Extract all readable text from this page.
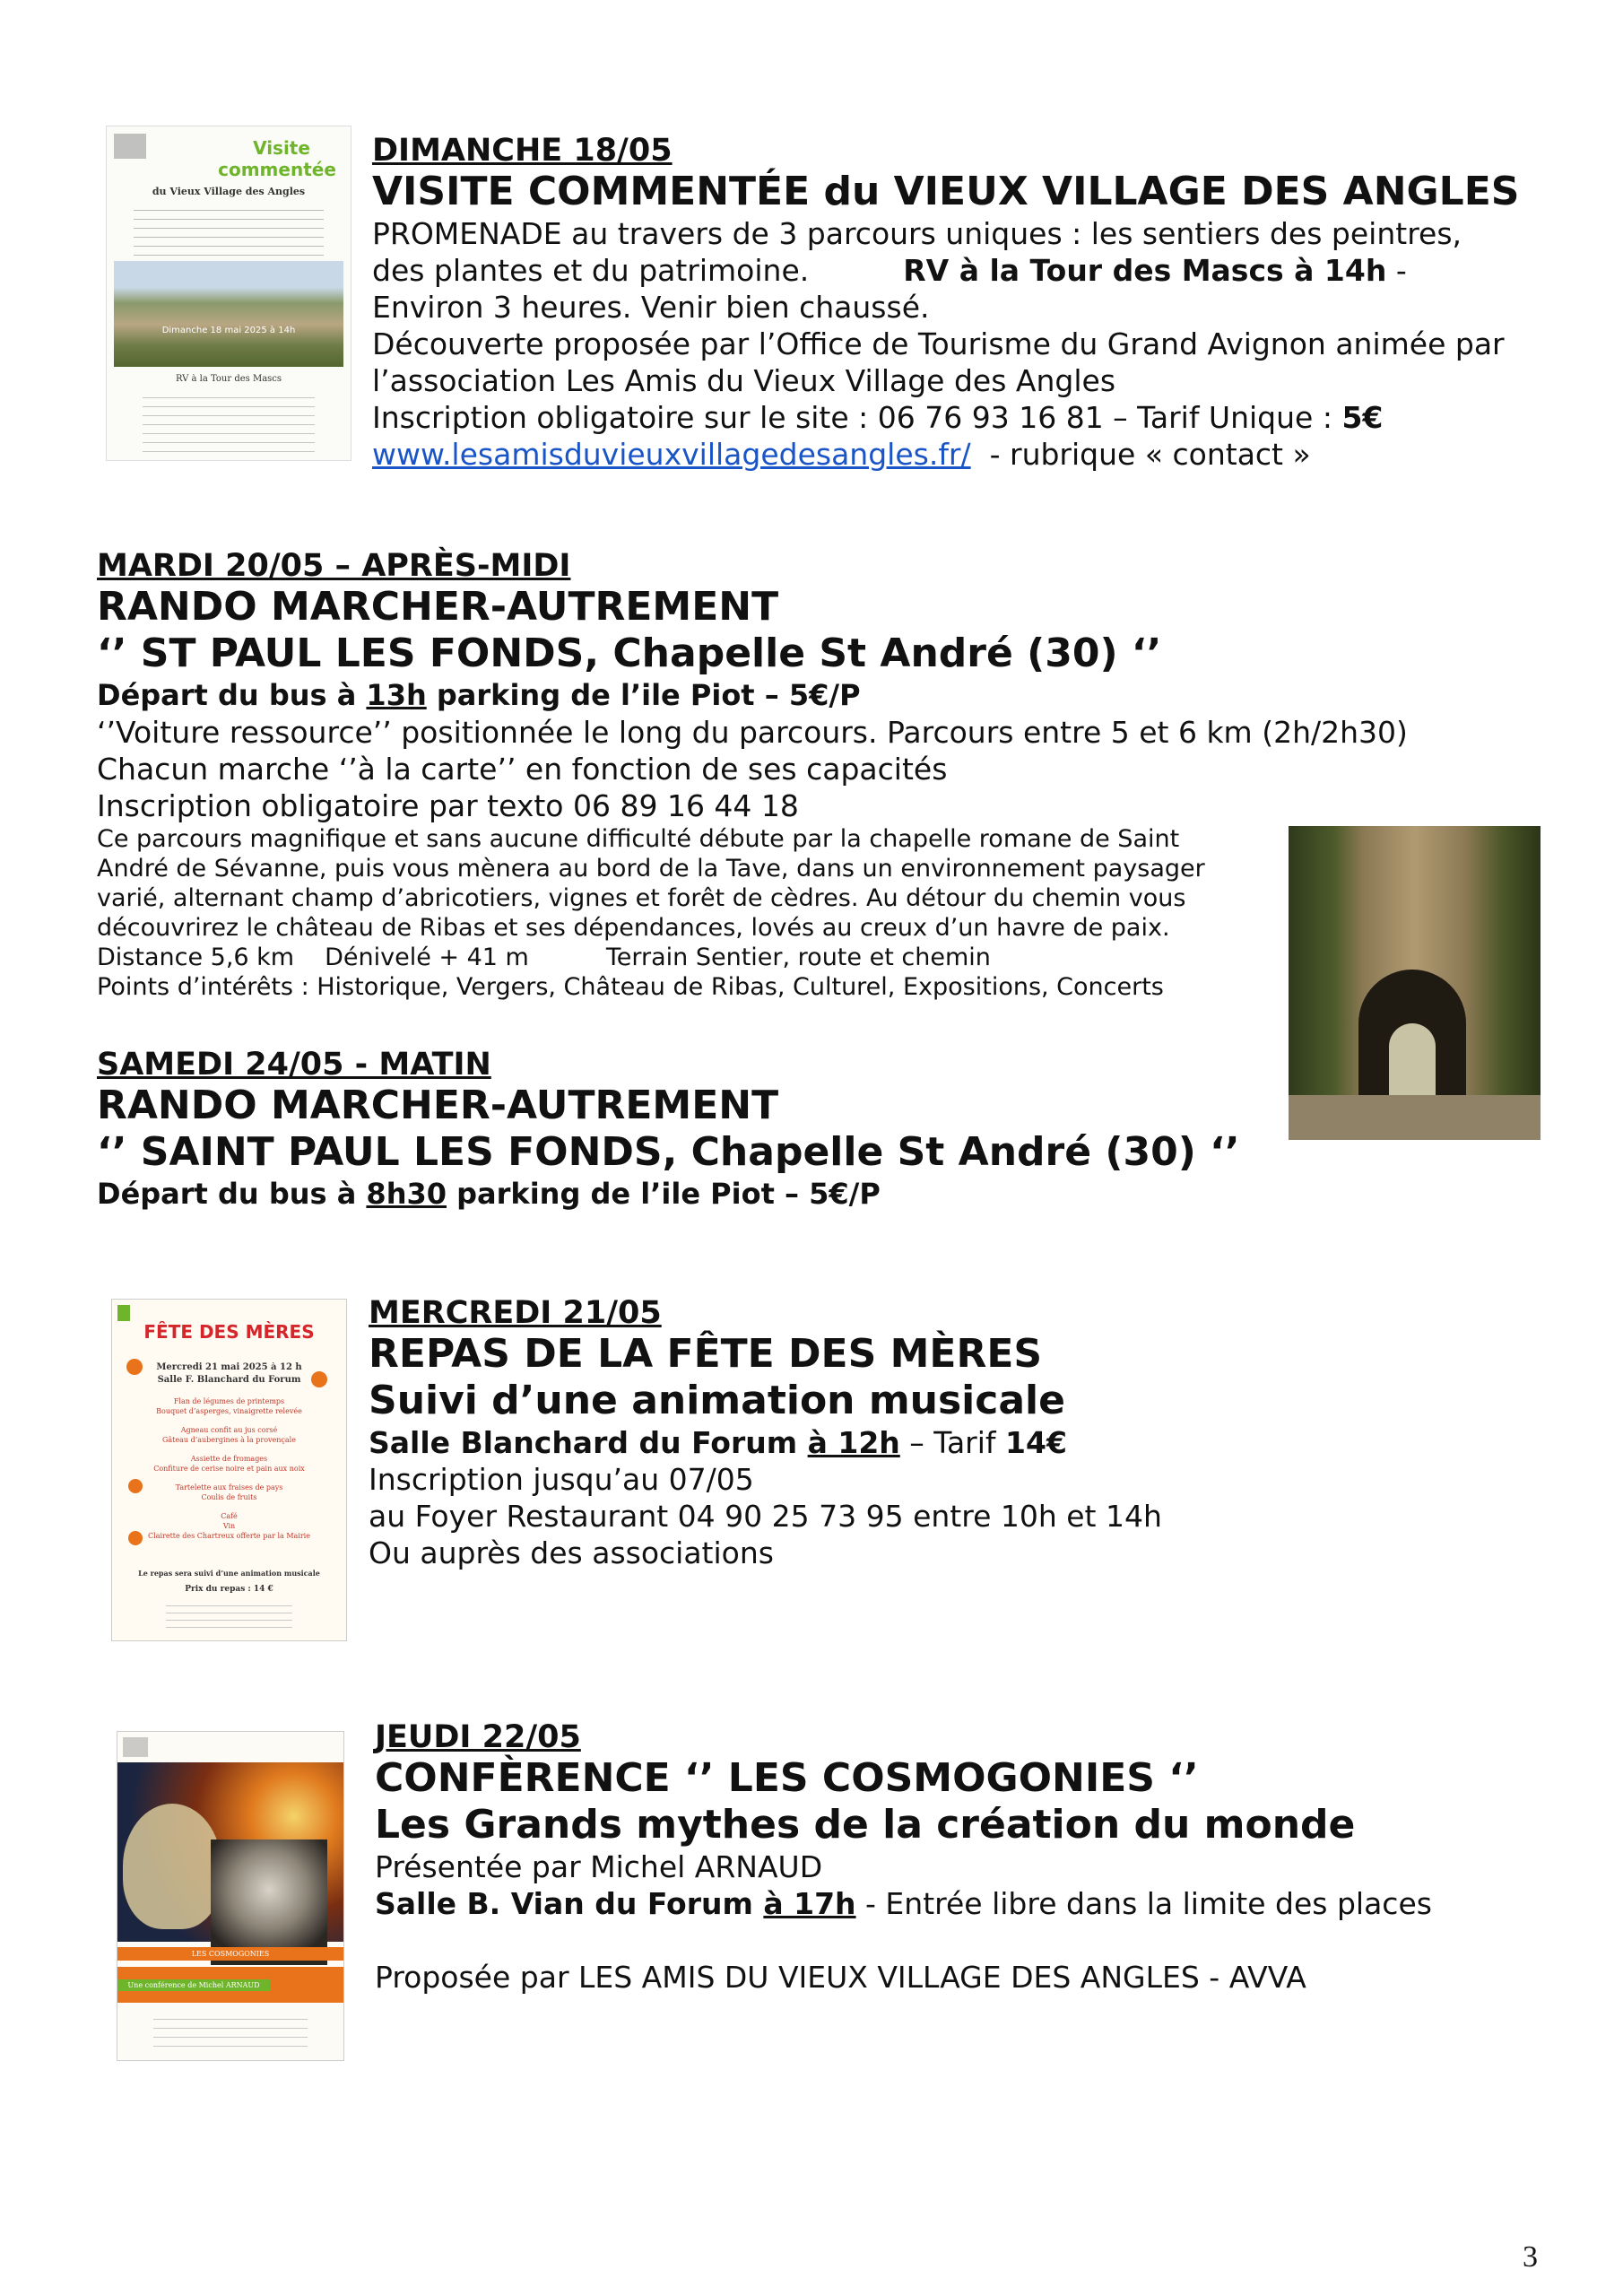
Visite
commentée
du Vieux Village des Angles
Dimanche 18 mai 2025 à 14h
RV à la Tour des Mascs
DIMANCHE 18/05
VISITE COMMENTÉE du VIEUX VILLAGE DES ANGLES
PROMENADE au travers de 3 parcours uniques : les sentiers des peintres,
des plantes et du patrimoine.	RV à la Tour des Mascs à 14h -
Environ 3 heures. Venir bien chaussé.
Découverte proposée par l’Office de Tourisme du Grand Avignon animée par
l’association Les Amis du Vieux Village des Angles
Inscription obligatoire sur le site : 06 76 93 16 81 – Tarif Unique : 5€
www.lesamisduvieuxvillagedesangles.fr/  - rubrique « contact »
MARDI 20/05 – APRÈS-MIDI
RANDO MARCHER-AUTREMENT
‘’ ST PAUL LES FONDS, Chapelle St André (30) ‘’
Départ du bus à 13h parking de l’ile Piot – 5€/P
‘’Voiture ressource’’ positionnée le long du parcours. Parcours entre 5 et 6 km (2h/2h30)
Chacun marche ‘’à la carte’’ en fonction de ses capacités
Inscription obligatoire par texto 06 89 16 44 18
Ce parcours magnifique et sans aucune difficulté débute par la chapelle romane de Saint
André de Sévanne, puis vous mènera au bord de la Tave, dans un environnement paysager
varié, alternant champ d’abricotiers, vignes et forêt de cèdres. Au détour du chemin vous
découvrirez le château de Ribas et ses dépendances, lovés au creux d’un havre de paix.
Distance 5,6 km Dénivelé + 41 m	Terrain Sentier, route et chemin
Points d’intérêts : Historique, Vergers, Château de Ribas, Culturel, Expositions, Concerts
SAMEDI 24/05 - MATIN
RANDO MARCHER-AUTREMENT
‘’ SAINT PAUL LES FONDS, Chapelle St André (30) ‘’
Départ du bus à 8h30 parking de l’ile Piot – 5€/P
FÊTE DES MÈRES
Mercredi 21 mai 2025 à 12 h
Salle F. Blanchard du Forum
Flan de légumes de printemps
Bouquet d’asperges, vinaigrette relevée
Agneau confit au jus corsé
Gâteau d’aubergines à la provençale
Assiette de fromages
Confiture de cerise noire et pain aux noix
Tartelette aux fraises de pays
Coulis de fruits
Café
Vin
Clairette des Chartreux offerte par la Mairie
Le repas sera suivi d’une animation musicale
Prix du repas : 14 €
MERCREDI 21/05
REPAS DE LA FÊTE DES MÈRES
Suivi d’une animation musicale
Salle Blanchard du Forum à 12h – Tarif 14€
Inscription jusqu’au 07/05
au Foyer Restaurant 04 90 25 73 95 entre 10h et 14h
Ou auprès des associations
LES COSMOGONIES
Une conférence de Michel ARNAUD
JEUDI 22/05
CONFÈRENCE ‘’ LES COSMOGONIES ‘’
Les Grands mythes de la création du monde
Présentée par Michel ARNAUD
Salle B. Vian du Forum à 17h - Entrée libre dans la limite des places
Proposée par LES AMIS DU VIEUX VILLAGE DES ANGLES - AVVA
3
